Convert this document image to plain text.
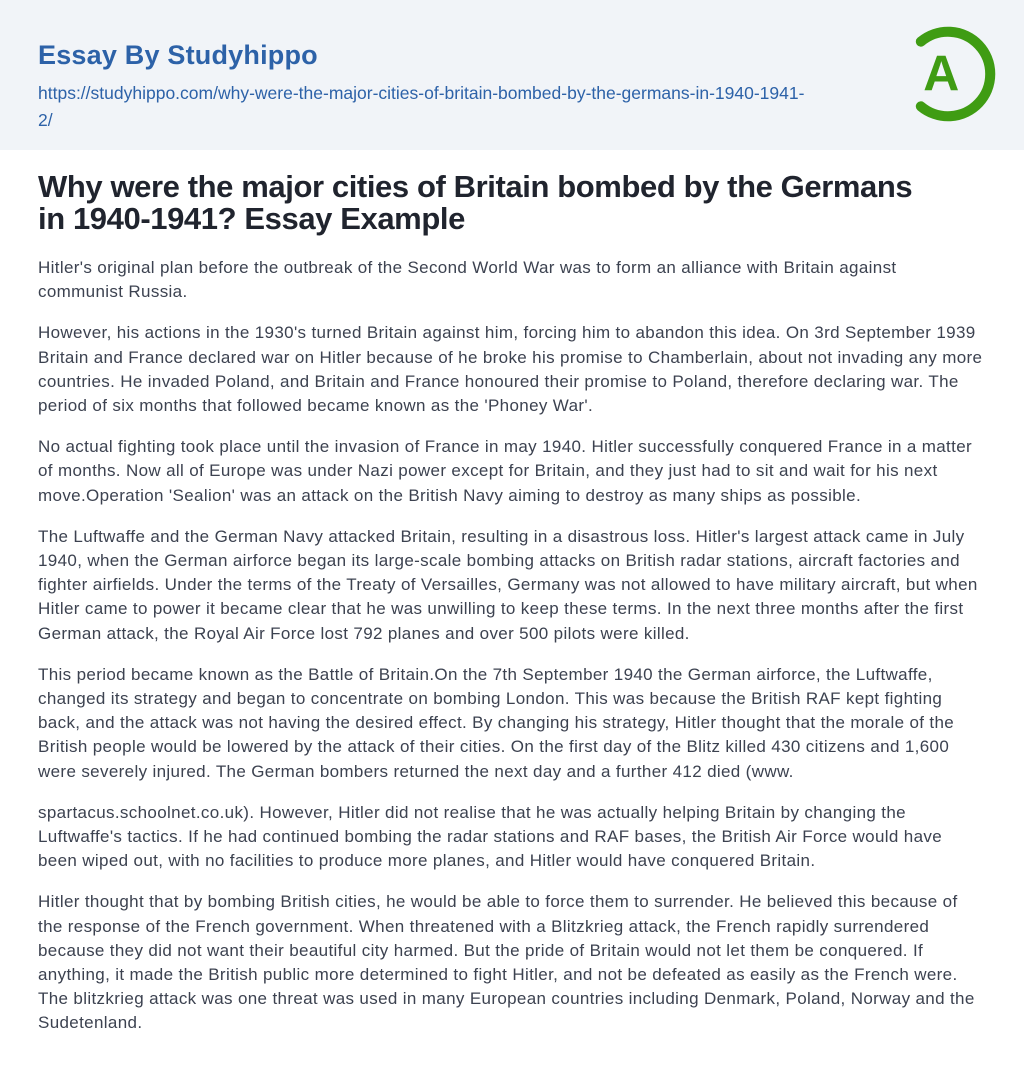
Essay By Studyhippo
https://studyhippo.com/why-were-the-major-cities-of-britain-bombed-by-the-germans-in-1940-1941-2/
A
Why were the major cities of Britain bombed by the Germans in 1940-1941? Essay Example

Hitler's original plan before the outbreak of the Second World War was to form an alliance with Britain against communist Russia.

However, his actions in the 1930's turned Britain against him, forcing him to abandon this idea. On 3rd September 1939 Britain and France declared war on Hitler because of he broke his promise to Chamberlain, about not invading any more countries. He invaded Poland, and Britain and France honoured their promise to Poland, therefore declaring war. The period of six months that followed became known as the 'Phoney War'.

No actual fighting took place until the invasion of France in may 1940. Hitler successfully conquered France in a matter of months. Now all of Europe was under Nazi power except for Britain, and they just had to sit and wait for his next move.Operation 'Sealion' was an attack on the British Navy aiming to destroy as many ships as possible.

The Luftwaffe and the German Navy attacked Britain, resulting in a disastrous loss. Hitler's largest attack came in July 1940, when the German airforce began its large-scale bombing attacks on British radar stations, aircraft factories and fighter airfields. Under the terms of the Treaty of Versailles, Germany was not allowed to have military aircraft, but when Hitler came to power it became clear that he was unwilling to keep these terms. In the next three months after the first German attack, the Royal Air Force lost 792 planes and over 500 pilots were killed.

This period became known as the Battle of Britain.On the 7th September 1940 the German airforce, the Luftwaffe, changed its strategy and began to concentrate on bombing London. This was because the British RAF kept fighting back, and the attack was not having the desired effect. By changing his strategy, Hitler thought that the morale of the British people would be lowered by the attack of their cities. On the first day of the Blitz killed 430 citizens and 1,600 were severely injured. The German bombers returned the next day and a further 412 died (www.

spartacus.schoolnet.co.uk). However, Hitler did not realise that he was actually helping Britain by changing the Luftwaffe's tactics. If he had continued bombing the radar stations and RAF bases, the British Air Force would have been wiped out, with no facilities to produce more planes, and Hitler would have conquered Britain.

Hitler thought that by bombing British cities, he would be able to force them to surrender. He believed this because of the response of the French government. When threatened with a Blitzkrieg attack, the French rapidly surrendered because they did not want their beautiful city harmed. But the pride of Britain would not let them be conquered. If anything, it made the British public more determined to fight Hitler, and not be defeated as easily as the French were. The blitzkrieg attack was one threat was used in many European countries including Denmark, Poland, Norway and the Sudetenland.
